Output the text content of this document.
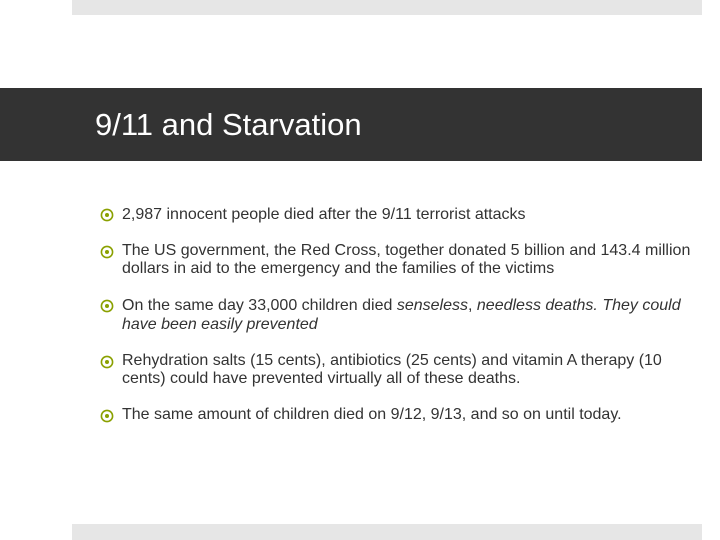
9/11 and Starvation
2,987 innocent people died after the 9/11 terrorist attacks
The US government, the Red Cross, together donated 5 billion and 143.4 million dollars in aid to the emergency and the families of the victims
On the same day 33,000 children died senseless, needless deaths. They could have been easily prevented
Rehydration salts (15 cents), antibiotics (25 cents) and vitamin A therapy (10 cents) could have prevented virtually all of these deaths.
The same amount of children died on 9/12, 9/13, and so on until today.
